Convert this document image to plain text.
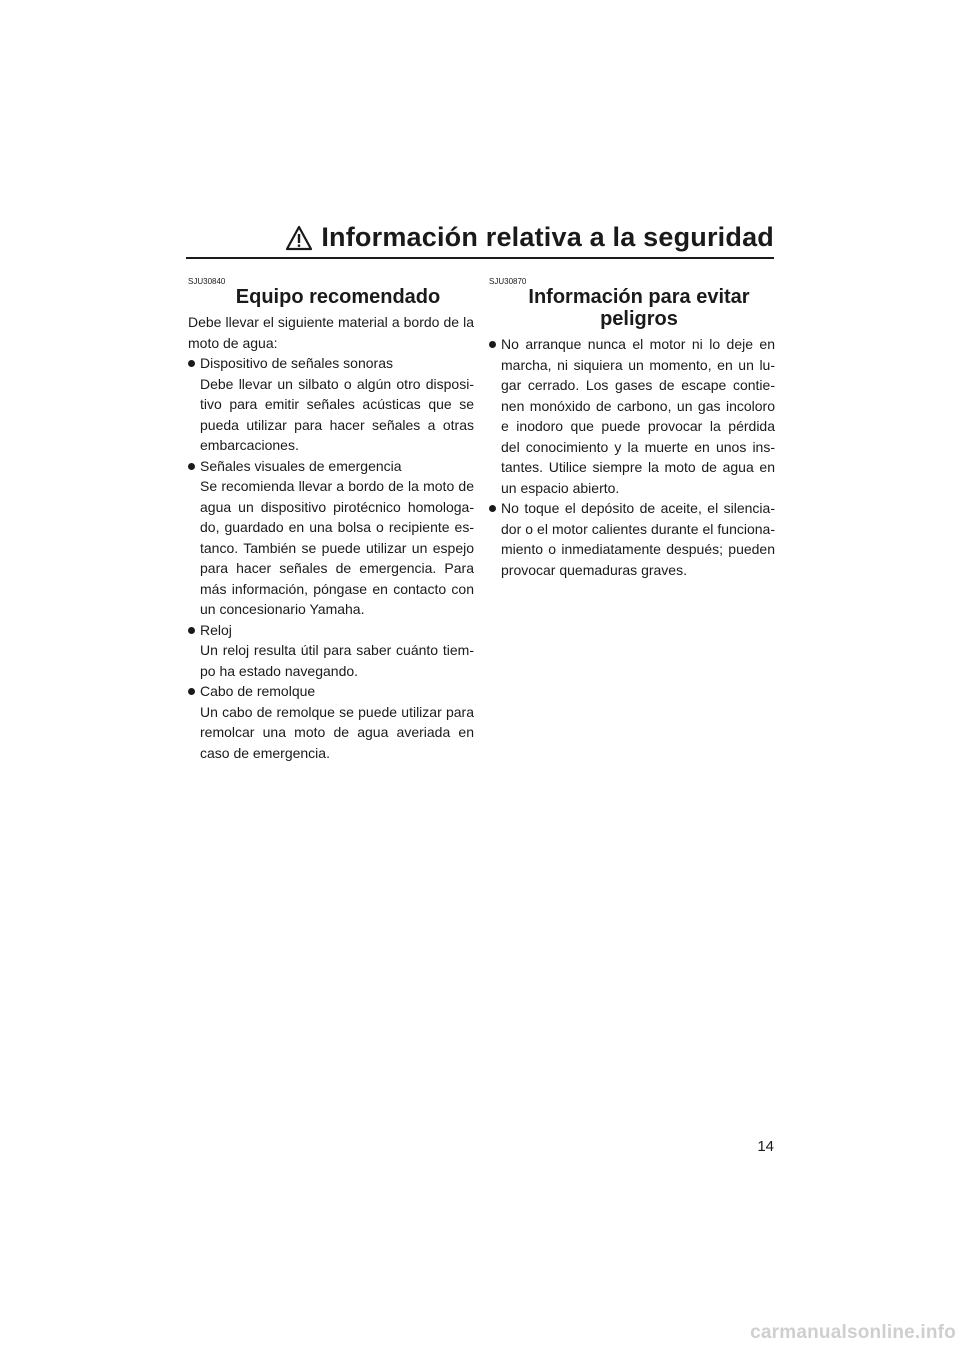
Información relativa a la seguridad
SJU30840
Equipo recomendado

Debe llevar el siguiente material a bordo de la moto de agua:

Dispositivo de señales sonoras
Debe llevar un silbato o algún otro disposi-tivo para emitir señales acústicas que se pueda utilizar para hacer señales a otras embarcaciones.
Señales visuales de emergencia
Se recomienda llevar a bordo de la moto de agua un dispositivo pirotécnico homologa-do, guardado en una bolsa o recipiente es-tanco. También se puede utilizar un espejo para hacer señales de emergencia. Para más información, póngase en contacto con un concesionario Yamaha.
Reloj
Un reloj resulta útil para saber cuánto tiem-po ha estado navegando.
Cabo de remolque
Un cabo de remolque se puede utilizar para remolcar una moto de agua averiada en caso de emergencia.
SJU30870
Información para evitar
peligros
No arranque nunca el motor ni lo deje en marcha, ni siquiera un momento, en un lu-gar cerrado. Los gases de escape contie-nen monóxido de carbono, un gas incoloro e inodoro que puede provocar la pérdida del conocimiento y la muerte en unos ins-tantes. Utilice siempre la moto de agua en un espacio abierto.
No toque el depósito de aceite, el silencia-dor o el motor calientes durante el funciona-miento o inmediatamente después; pueden provocar quemaduras graves.
14
carmanualsonline.info
